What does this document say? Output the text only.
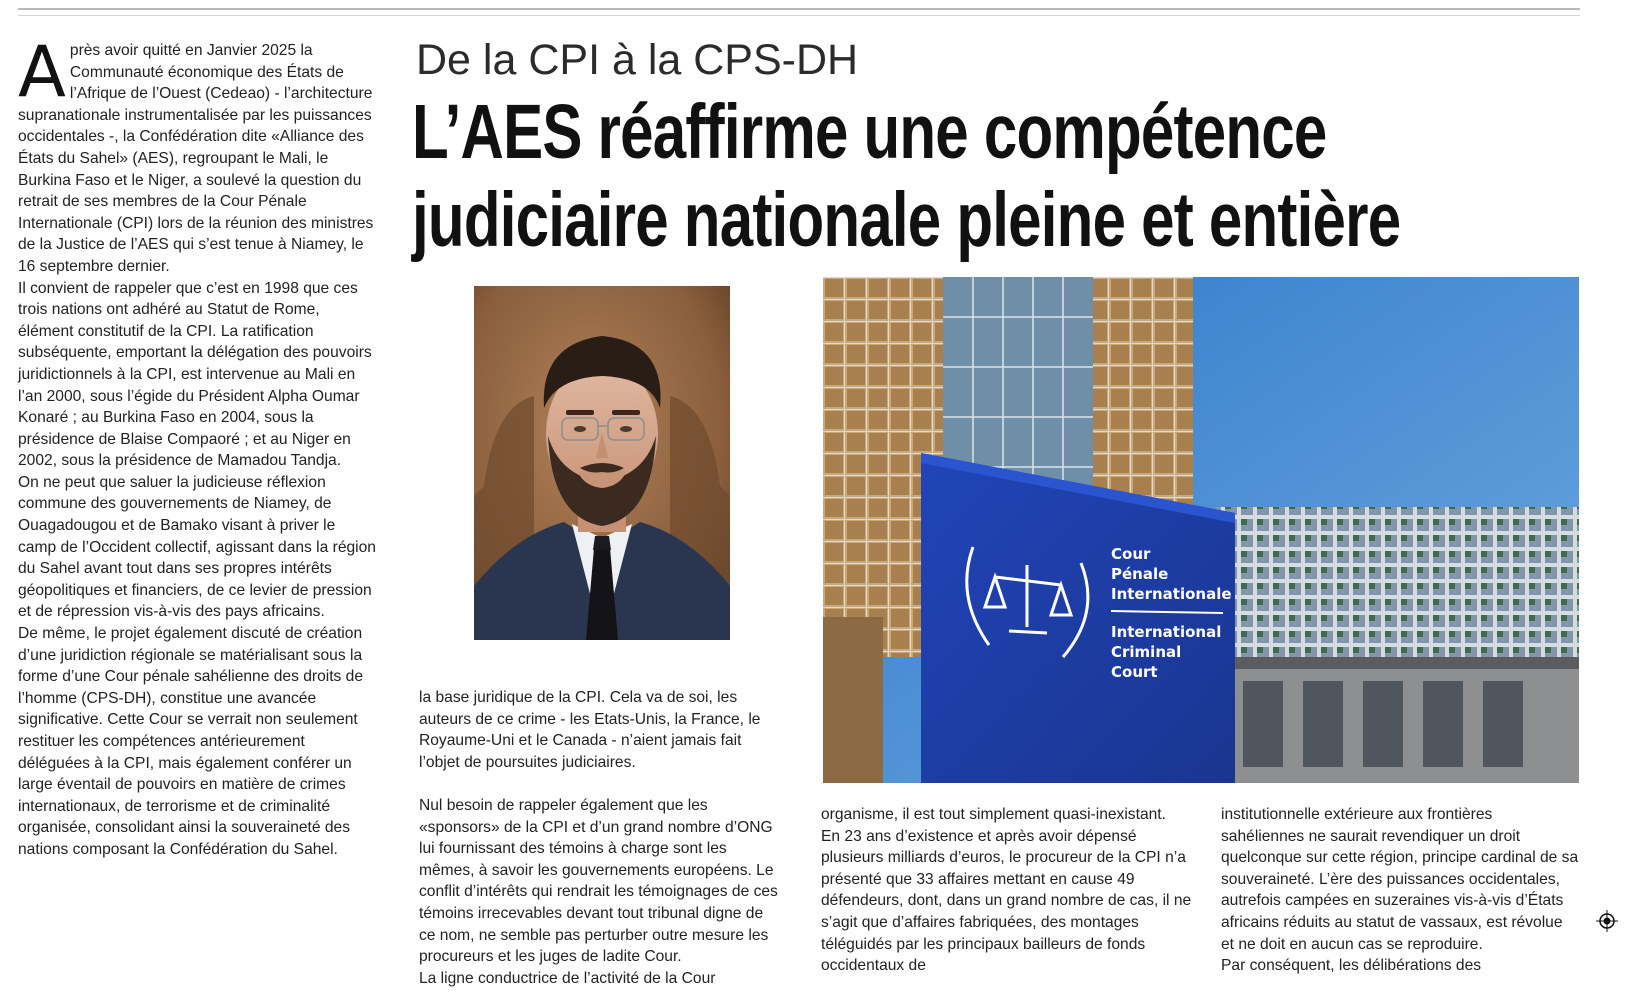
A près avoir quitté en Janvier 2025 la Communauté économique des États de l’Afrique de l’Ouest (Cedeao) - l’architecture supranationale instrumentalisée par les puissances occidentales -, la Confédération dite «Alliance des États du Sahel» (AES), regroupant le Mali, le Burkina Faso et le Niger, a soulevé la question du retrait de ses membres de la Cour Pénale Internationale (CPI) lors de la réunion des ministres de la Justice de l’AES qui s’est tenue à Niamey, le 16 septembre dernier.

Il convient de rappeler que c’est en 1998 que ces trois nations ont adhéré au Statut de Rome, élément constitutif de la CPI. La ratification subséquente, emportant la délégation des pouvoirs juridictionnels à la CPI, est intervenue au Mali en l’an 2000, sous l’égide du Président Alpha Oumar Konaré ; au Burkina Faso en 2004, sous la présidence de Blaise Compaoré ; et au Niger en 2002, sous la présidence de Mamadou Tandja.

On ne peut que saluer la judicieuse réflexion commune des gouvernements de Niamey, de Ouagadougou et de Bamako visant à priver le camp de l’Occident collectif, agissant dans la région du Sahel avant tout dans ses propres intérêts géopolitiques et financiers, de ce levier de pression et de répression vis-à-vis des pays africains.

De même, le projet également discuté de création d’une juridiction régionale se matérialisant sous la forme d’une Cour pénale sahélienne des droits de l’homme (CPS-DH), constitue une avancée significative. Cette Cour se verrait non seulement restituer les compétences antérieurement déléguées à la CPI, mais également conférer un large éventail de pouvoirs en matière de crimes internationaux, de terrorisme et de criminalité organisée, consolidant ainsi la souveraineté des nations composant la Confédération du Sahel.

De la CPI à la CPS-DH
L’AES réaffirme une compétence
judiciaire nationale pleine et entière
Cour
Pénale
Internationale
International
Criminal
Court

la base juridique de la CPI. Cela va de soi, les auteurs de ce crime - les Etats-Unis, la France, le Royaume-Uni et le Canada - n’aient jamais fait l’objet de poursuites judiciaires.

Nul besoin de rappeler également que les «sponsors» de la CPI et d’un grand nombre d’ONG lui fournissant des témoins à charge sont les mêmes, à savoir les gouvernements européens. Le conflit d’intérêts qui rendrait les témoignages de ces témoins irrecevables devant tout tribunal digne de ce nom, ne semble pas perturber outre mesure les procureurs et les juges de ladite Cour.

La ligne conductrice de l’activité de la Cour

organisme, il est tout simplement quasi-inexistant.

En 23 ans d’existence et après avoir dépensé plusieurs milliards d’euros, le procureur de la CPI n’a présenté que 33 affaires mettant en cause 49 défendeurs, dont, dans un grand nombre de cas, il ne s’agit que d’affaires fabriquées, des montages téléguidés par les principaux bailleurs de fonds occidentaux de

institutionnelle extérieure aux frontières sahéliennes ne saurait revendiquer un droit quelconque sur cette région, principe cardinal de sa souveraineté. L’ère des puissances occidentales, autrefois campées en suzeraines vis-à-vis d’États africains réduits au statut de vassaux, est révolue et ne doit en aucun cas se reproduire.

Par conséquent, les délibérations des
